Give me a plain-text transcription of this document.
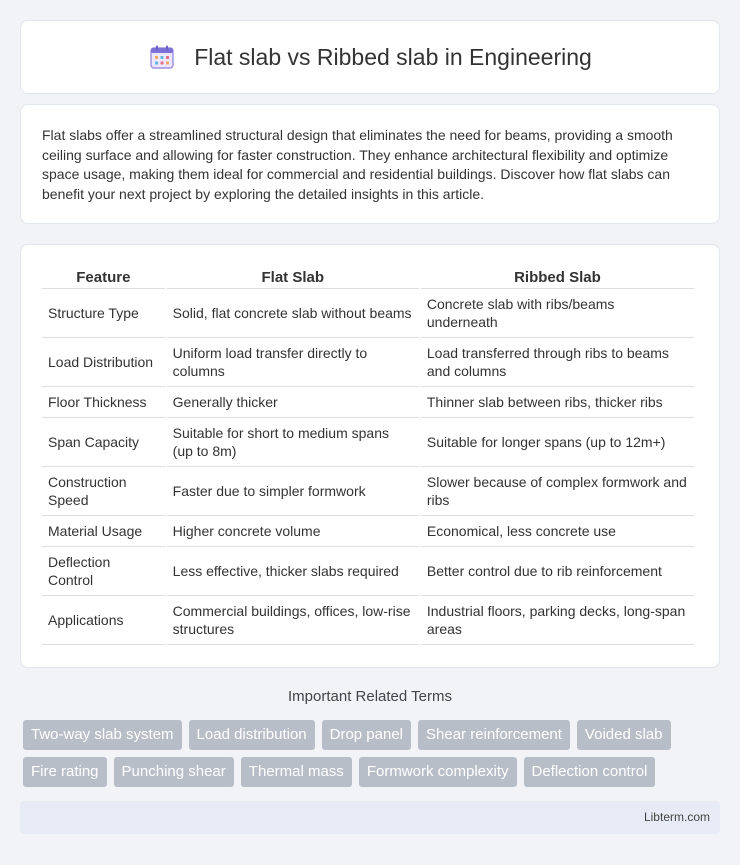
Flat slab vs Ribbed slab in Engineering

Flat slabs offer a streamlined structural design that eliminates the need for beams, providing a smooth ceiling surface and allowing for faster construction. They enhance architectural flexibility and optimize space usage, making them ideal for commercial and residential buildings. Discover how flat slabs can benefit your next project by exploring the detailed insights in this article.

Feature	Flat Slab	Ribbed Slab
Structure Type	Solid, flat concrete slab without beams	Concrete slab with ribs/beams underneath
Load Distribution	Uniform load transfer directly to columns	Load transferred through ribs to beams and columns
Floor Thickness	Generally thicker	Thinner slab between ribs, thicker ribs
Span Capacity	Suitable for short to medium spans (up to 8m)	Suitable for longer spans (up to 12m+)
Construction Speed	Faster due to simpler formwork	Slower because of complex formwork and ribs
Material Usage	Higher concrete volume	Economical, less concrete use
Deflection Control	Less effective, thicker slabs required	Better control due to rib reinforcement
Applications	Commercial buildings, offices, low-rise structures	Industrial floors, parking decks, long-span areas
Important Related Terms
Two-way slab system	Load distribution	Drop panel	Shear reinforcement	Voided slab
Fire rating	Punching shear	Thermal mass	Formwork complexity	Deflection control
Libterm.com
